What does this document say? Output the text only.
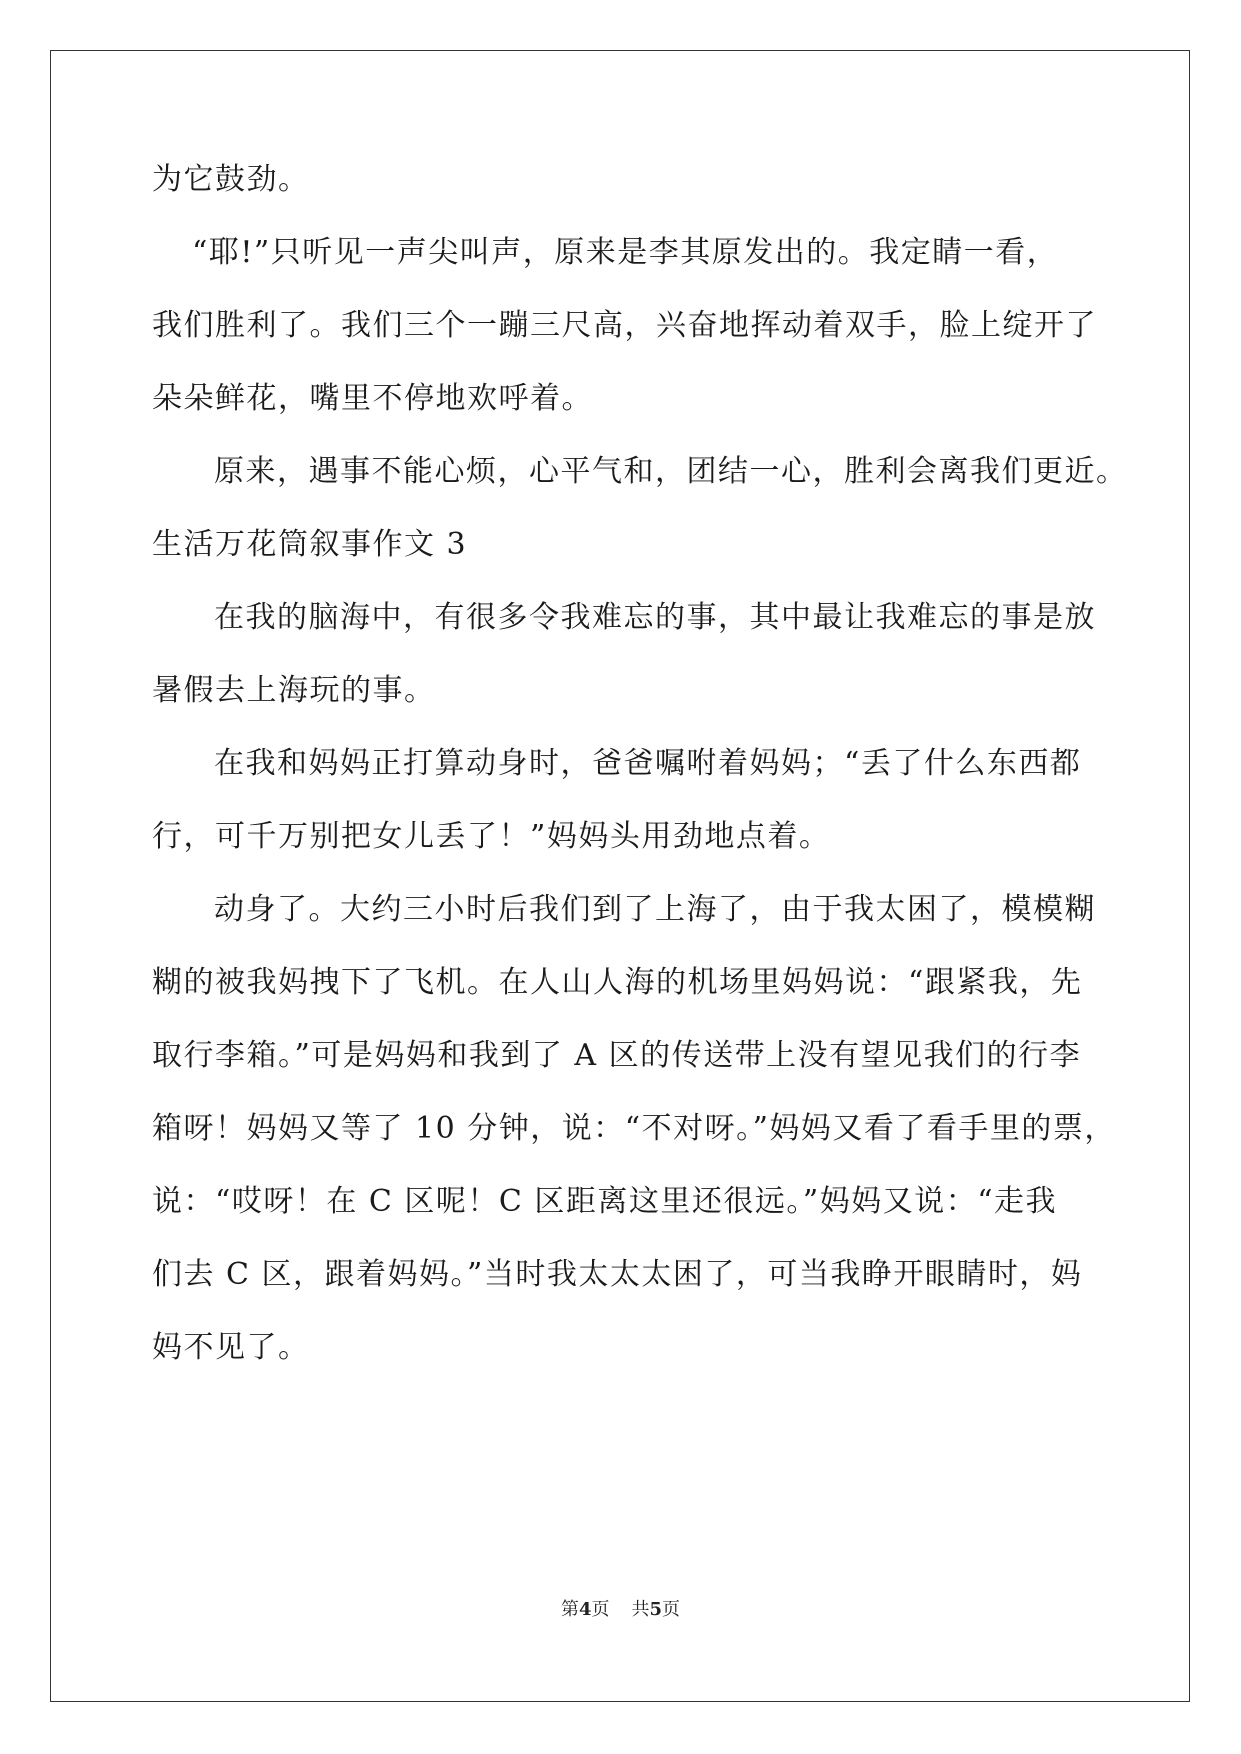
为它鼓劲。
“耶!”只听见一声尖叫声，原来是李其原发出的。我定睛一看，
我们胜利了。我们三个一蹦三尺高，兴奋地挥动着双手，脸上绽开了
朵朵鲜花，嘴里不停地欢呼着。
原来，遇事不能心烦，心平气和，团结一心，胜利会离我们更近。
生活万花筒叙事作文 3
在我的脑海中，有很多令我难忘的事，其中最让我难忘的事是放
暑假去上海玩的事。
在我和妈妈正打算动身时，爸爸嘱咐着妈妈；“丢了什么东西都
行，可千万别把女儿丢了！”妈妈头用劲地点着。
动身了。大约三小时后我们到了上海了，由于我太困了，模模糊
糊的被我妈拽下了飞机。在人山人海的机场里妈妈说：“跟紧我，先
取行李箱。”可是妈妈和我到了 A 区的传送带上没有望见我们的行李
箱呀！妈妈又等了 10 分钟，说：“不对呀。”妈妈又看了看手里的票，
说：“哎呀！在 C 区呢！C 区距离这里还很远。”妈妈又说：“走我
们去 C 区，跟着妈妈。”当时我太太太困了，可当我睁开眼睛时，妈
妈不见了。
第4页 共5页
